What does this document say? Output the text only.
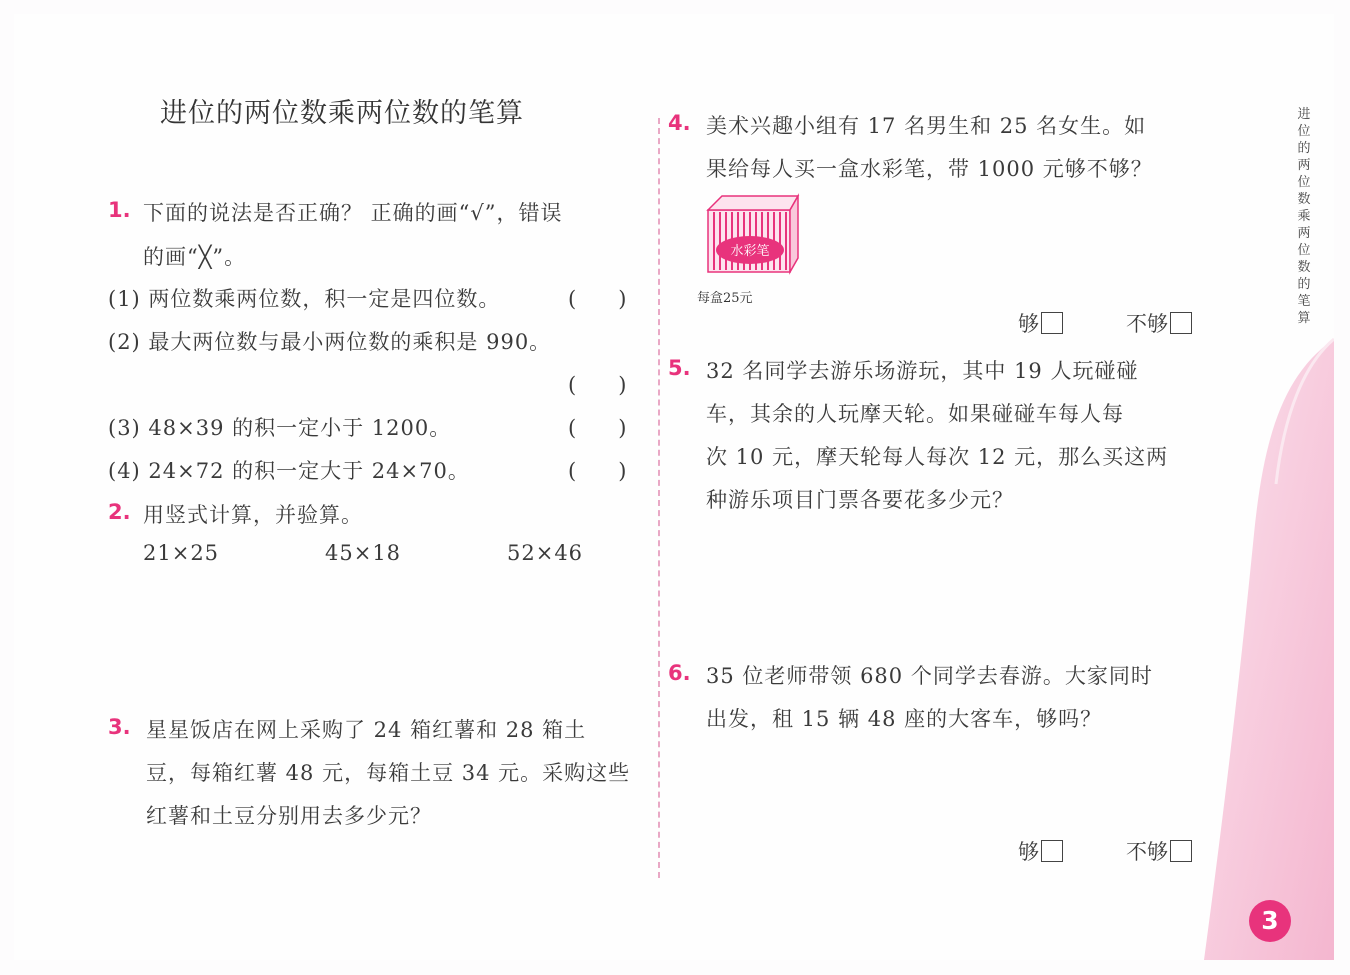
进
位
的
两
位
数
乘
两
位
数
的
笔
算
3
进位的两位数乘两位数的笔算
1. 下面的说法是否正确？ 正确的画“√”，错误
的画“╳”。
(1) 两位数乘两位数，积一定是四位数。	(　　)
(2) 最大两位数与最小两位数的乘积是 990。
(　　)
(3) 48×39 的积一定小于 1200。	(　　)
(4) 24×72 的积一定大于 24×70。	(　　)
2. 用竖式计算，并验算。
21×25	45×18	52×46
3. 星星饭店在网上采购了 24 箱红薯和 28 箱土
豆，每箱红薯 48 元，每箱土豆 34 元。采购这些
红薯和土豆分别用去多少元？
4. 美术兴趣小组有 17 名男生和 25 名女生。如
果给每人买一盒水彩笔，带 1000 元够不够？
水彩笔
每盒25元
够	不够
5. 32 名同学去游乐场游玩，其中 19 人玩碰碰
车，其余的人玩摩天轮。如果碰碰车每人每
次 10 元，摩天轮每人每次 12 元，那么买这两
种游乐项目门票各要花多少元？
6. 35 位老师带领 680 个同学去春游。大家同时
出发，租 15 辆 48 座的大客车，够吗？
够	不够
